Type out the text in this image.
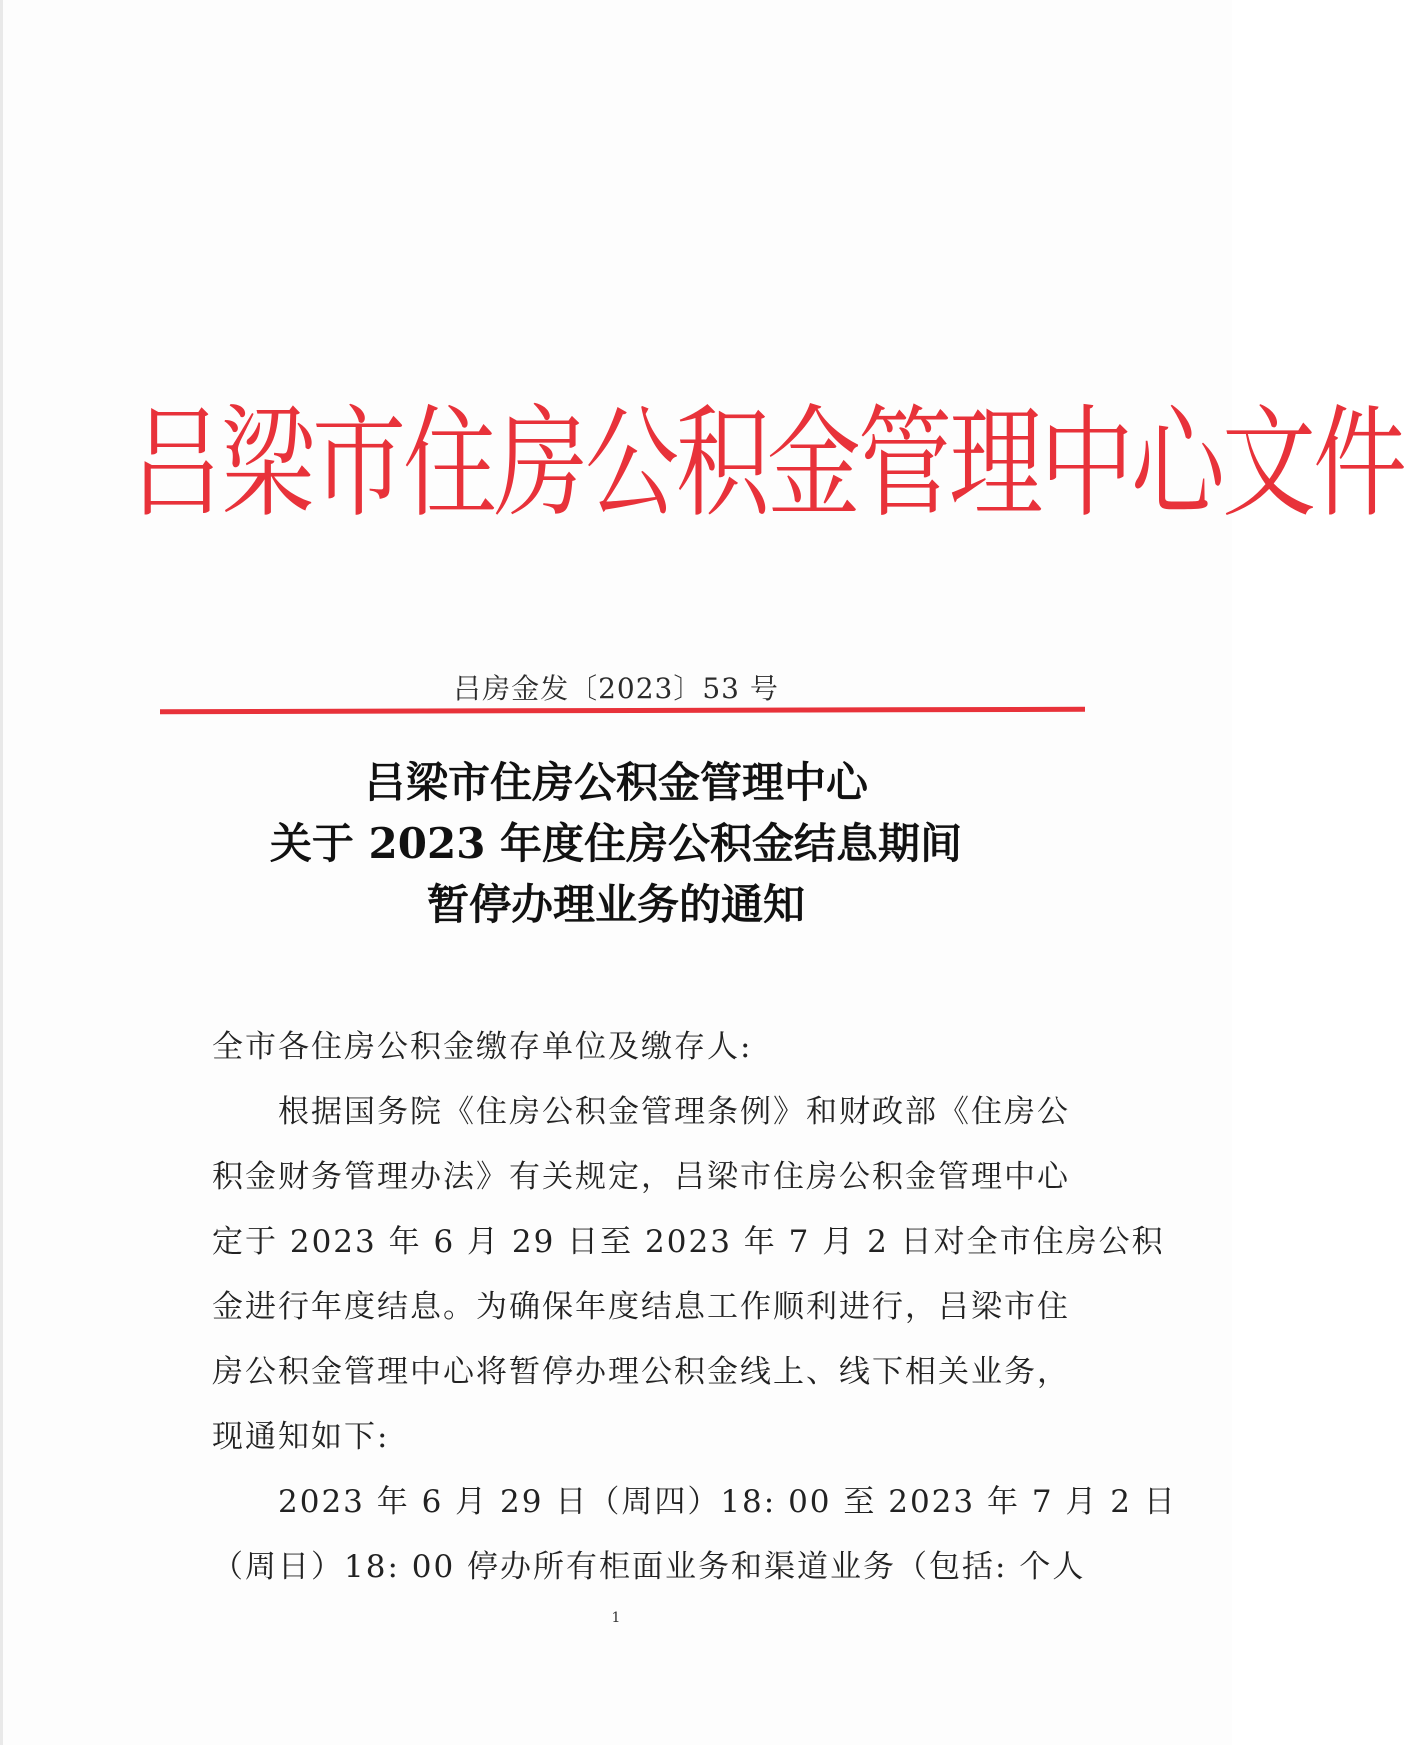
吕梁市住房公积金管理中心文件
吕房金发〔2023〕53 号
吕梁市住房公积金管理中心
关于 2023 年度住房公积金结息期间
暂停办理业务的通知
全市各住房公积金缴存单位及缴存人:
根据国务院《住房公积金管理条例》和财政部《住房公
积金财务管理办法》有关规定，吕梁市住房公积金管理中心
定于 2023 年 6 月 29 日至 2023 年 7 月 2 日对全市住房公积
金进行年度结息。为确保年度结息工作顺利进行，吕梁市住
房公积金管理中心将暂停办理公积金线上、线下相关业务，
现通知如下:
2023 年 6 月 29 日（周四）18: 00 至 2023 年 7 月 2 日
（周日）18: 00 停办所有柜面业务和渠道业务（包括: 个人
1
